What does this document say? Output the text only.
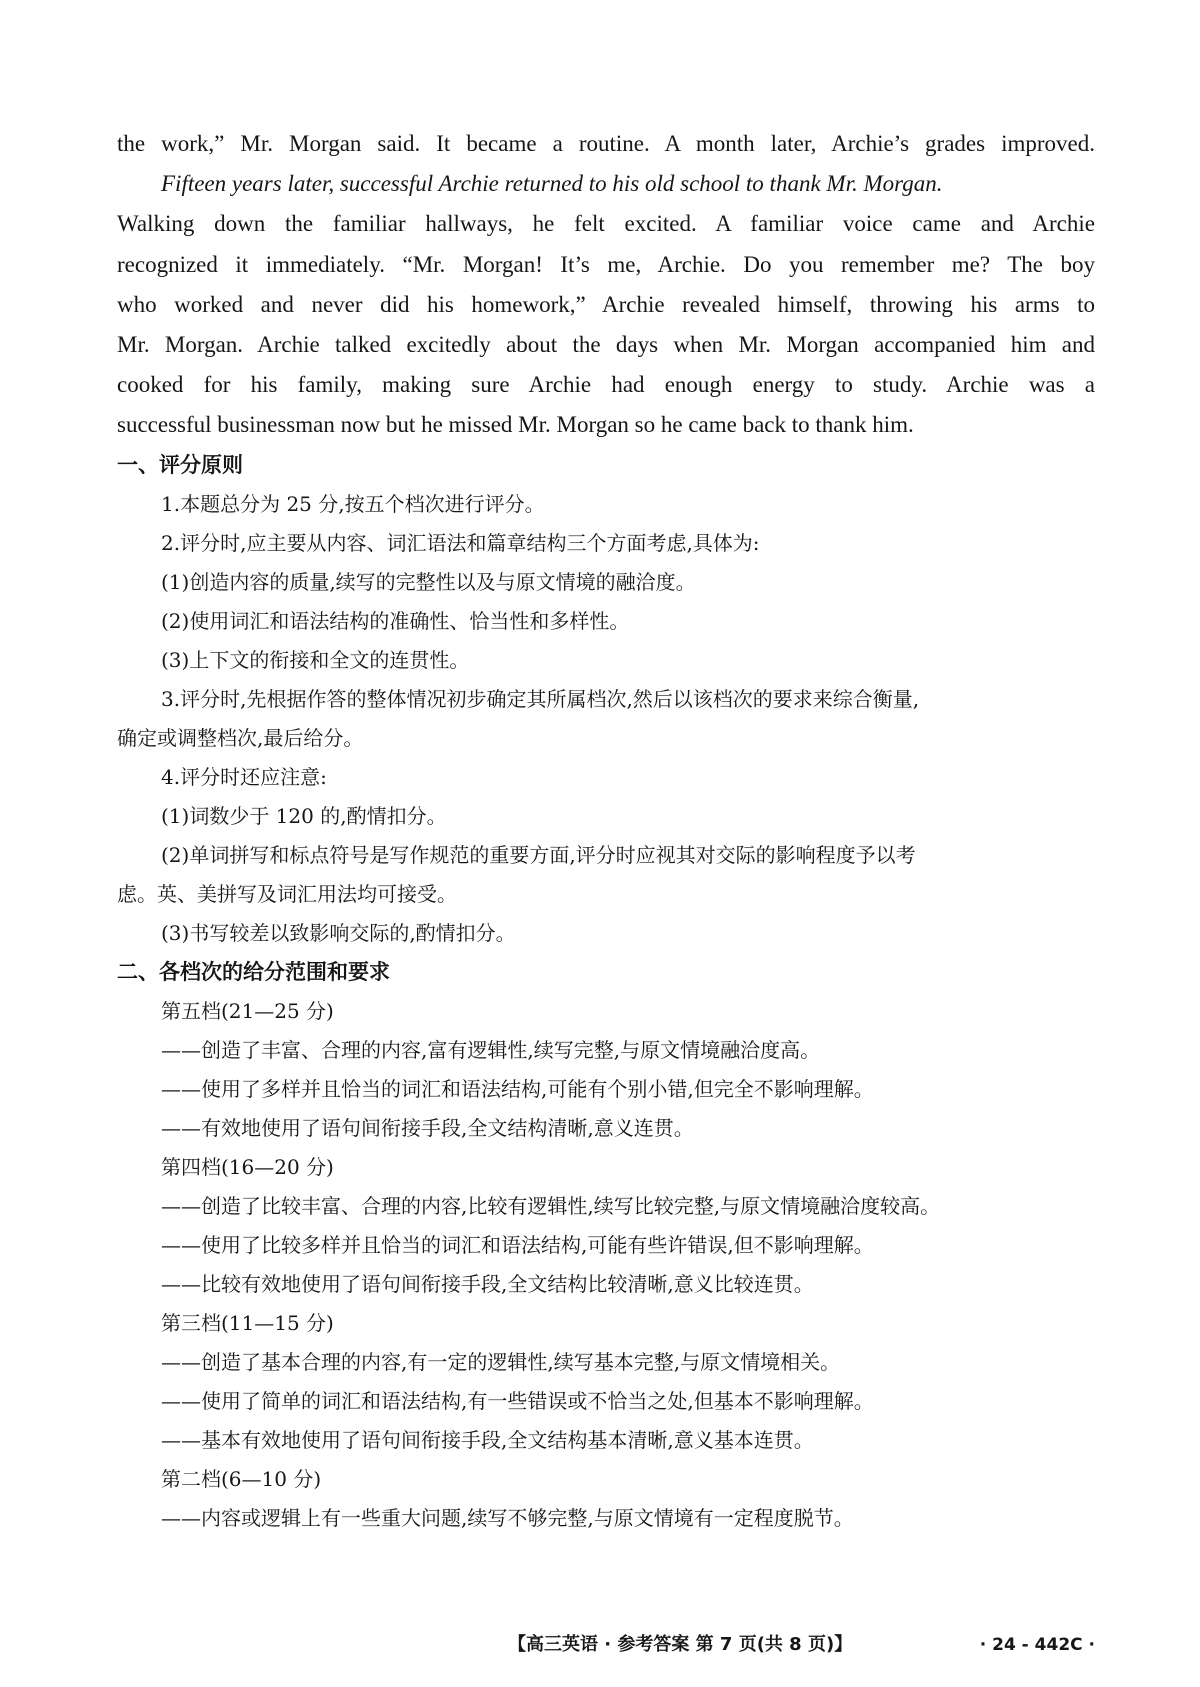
the work,” Mr. Morgan said. It became a routine. A month later, Archie’s grades improved.

Fifteen years later, successful Archie returned to his old school to thank Mr. Morgan.

Walking down the familiar hallways, he felt excited. A familiar voice came and Archie

recognized it immediately. “Mr. Morgan! It’s me, Archie. Do you remember me? The boy

who worked and never did his homework,” Archie revealed himself, throwing his arms to

Mr. Morgan. Archie talked excitedly about the days when Mr. Morgan accompanied him and

cooked for his family, making sure Archie had enough energy to study. Archie was a

successful businessman now but he missed Mr. Morgan so he came back to thank him.

一、评分原则

1.本题总分为 25 分,按五个档次进行评分。

2.评分时,应主要从内容、词汇语法和篇章结构三个方面考虑,具体为:

(1)创造内容的质量,续写的完整性以及与原文情境的融洽度。

(2)使用词汇和语法结构的准确性、恰当性和多样性。

(3)上下文的衔接和全文的连贯性。

3.评分时,先根据作答的整体情况初步确定其所属档次,然后以该档次的要求来综合衡量,

确定或调整档次,最后给分。

4.评分时还应注意:

(1)词数少于 120 的,酌情扣分。

(2)单词拼写和标点符号是写作规范的重要方面,评分时应视其对交际的影响程度予以考

虑。英、美拼写及词汇用法均可接受。

(3)书写较差以致影响交际的,酌情扣分。

二、各档次的给分范围和要求

第五档(21—25 分)

——创造了丰富、合理的内容,富有逻辑性,续写完整,与原文情境融洽度高。

——使用了多样并且恰当的词汇和语法结构,可能有个别小错,但完全不影响理解。

——有效地使用了语句间衔接手段,全文结构清晰,意义连贯。

第四档(16—20 分)

——创造了比较丰富、合理的内容,比较有逻辑性,续写比较完整,与原文情境融洽度较高。

——使用了比较多样并且恰当的词汇和语法结构,可能有些许错误,但不影响理解。

——比较有效地使用了语句间衔接手段,全文结构比较清晰,意义比较连贯。

第三档(11—15 分)

——创造了基本合理的内容,有一定的逻辑性,续写基本完整,与原文情境相关。

——使用了简单的词汇和语法结构,有一些错误或不恰当之处,但基本不影响理解。

——基本有效地使用了语句间衔接手段,全文结构基本清晰,意义基本连贯。

第二档(6—10 分)

——内容或逻辑上有一些重大问题,续写不够完整,与原文情境有一定程度脱节。

【高三英语 · 参考答案 第 7 页(共 8 页)】	· 24 - 442C ·
